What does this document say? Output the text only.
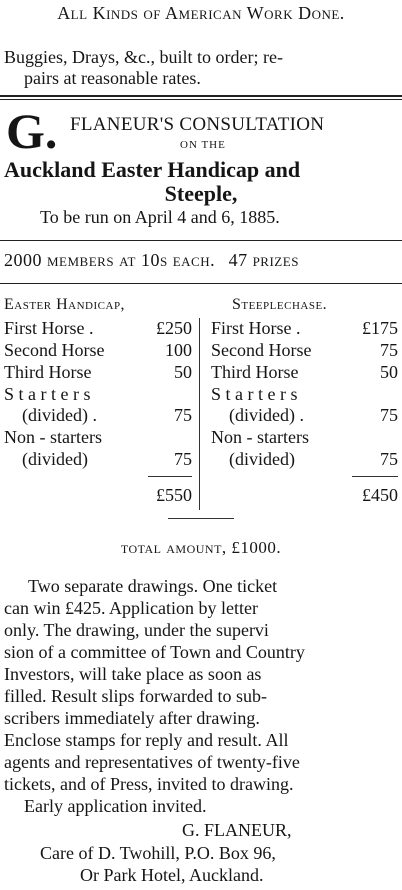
All Kinds of American Work Done.
Buggies, Drays, &c., built to order; re-
pairs at reasonable rates.
G. FLANEUR'S CONSULTATION
ON THE
Auckland Easter Handicap and
Steeple,
To be run on April 4 and 6, 1885.
2000 members at 10s each. 47 prizes
Easter Handicap,	Steeplechase.
First Horse .	£250
Second Horse	100
Third Horse	50
S t a r t e r s
(divided) .	75
Non - starters
(divided)	75
£550
First Horse .	£175
Second Horse	75
Third Horse	50
S t a r t e r s
(divided) .	75
Non - starters
(divided)	75
£450
total amount, £1000.
Two separate drawings. One ticket
can win £425. Application by letter
only. The drawing, under the supervi
sion of a committee of Town and Country
Investors, will take place as soon as
filled. Result slips forwarded to sub-
scribers immediately after drawing.
Enclose stamps for reply and result. All
agents and representatives of twenty-five
tickets, and of Press, invited to drawing.
Early application invited.
G. FLANEUR,
Care of D. Twohill, P.O. Box 96,
Or Park Hotel, Auckland.
